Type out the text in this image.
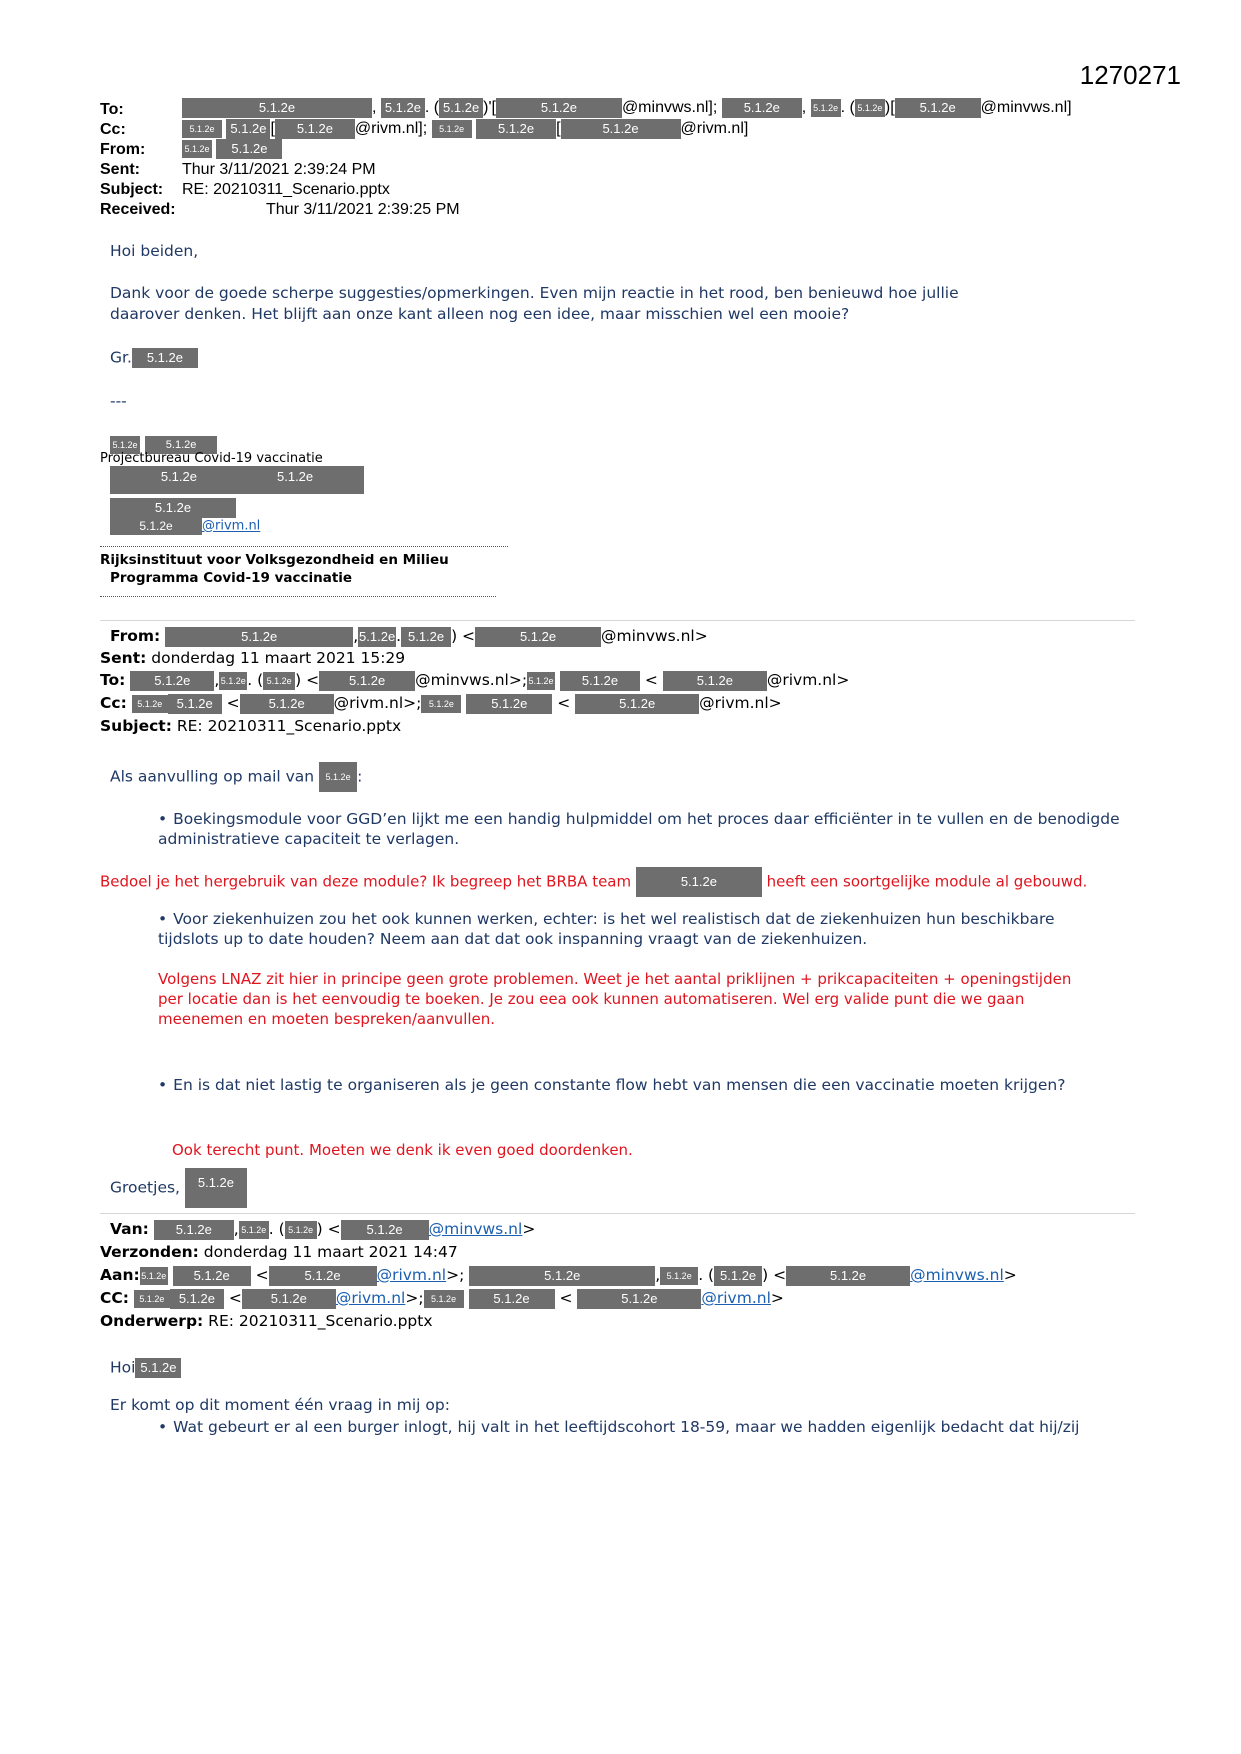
1270271
To:	5.1.2e	, 5.1.2e . ( 5.1.2e )'[	5.1.2e	@minvws.nl]; 5.1.2e , 5.1.2e . ( 5.1.2e )[ 5.1.2e @minvws.nl]
Cc:	5.1.2e 5.1.2e [ 5.1.2e @rivm.nl]; 5.1.2e	5.1.2e [	5.1.2e	@rivm.nl]
From:	5.1.2e 5.1.2e
Sent:	Thur 3/11/2021 2:39:24 PM
Subject: RE: 20210311_Scenario.pptx
Received:	Thur 3/11/2021 2:39:25 PM
Hoi beiden,
Dank voor de goede scherpe suggesties/opmerkingen. Even mijn reactie in het rood, ben benieuwd hoe jullie
daarover denken. Het blijft aan onze kant alleen nog een idee, maar misschien wel een mooie?
Gr. 5.1.2e
---
5.1.2e	5.1.2e
Projectbureau Covid-19 vaccinatie
5.1.2e	5.1.2e
5.1.2e
5.1.2e @rivm.nl
Rijksinstituut voor Volksgezondheid en Milieu
Programma Covid-19 vaccinatie
From:	5.1.2e	,5.1.2e. 5.1.2e ) <	5.1.2e	@minvws.nl>
Sent: donderdag 11 maart 2021 15:29
To: 5.1.2e ,5.1.2e. ( 5.1.2e ) < 5.1.2e @minvws.nl>;5.1.2e 5.1.2e <	5.1.2e @rivm.nl>
Cc: 5.1.2e 5.1.2e < 5.1.2e @rivm.nl>; 5.1.2e	5.1.2e <	5.1.2e	@rivm.nl>
Subject: RE: 20210311_Scenario.pptx
Als aanvulling op mail van 5.1.2e :
• Boekingsmodule voor GGD’en lijkt me een handig hulpmiddel om het proces daar efficiënter in te vullen en de benodigde
administratieve capaciteit te verlagen.
Bedoel je het hergebruik van deze module? Ik begreep het BRBA team	5.1.2e	heeft een soortgelijke module al gebouwd.
• Voor ziekenhuizen zou het ook kunnen werken, echter: is het wel realistisch dat de ziekenhuizen hun beschikbare
tijdslots up to date houden? Neem aan dat dat ook inspanning vraagt van de ziekenhuizen.
Volgens LNAZ zit hier in principe geen grote problemen. Weet je het aantal priklijnen + prikcapaciteiten + openingstijden
per locatie dan is het eenvoudig te boeken. Je zou eea ook kunnen automatiseren. Wel erg valide punt die we gaan
meenemen en moeten bespreken/aanvullen.
• En is dat niet lastig te organiseren als je geen constante flow hebt van mensen die een vaccinatie moeten krijgen?
Ook terecht punt. Moeten we denk ik even goed doordenken.
Groetjes, 5.1.2e
Van: 5.1.2e , 5.1.2e . ( 5.1.2e ) < 5.1.2e @minvws.nl>
Verzonden: donderdag 11 maart 2021 14:47
Aan:5.1.2e 5.1.2e <	5.1.2e @rivm.nl>;	5.1.2e	, 5.1.2e . ( 5.1.2e ) <	5.1.2e	@minvws.nl>
CC: 5.1.2e 5.1.2e < 5.1.2e @rivm.nl>; 5.1.2e	5.1.2e <	5.1.2e	@rivm.nl>
Onderwerp: RE: 20210311_Scenario.pptx
Hoi 5.1.2e
Er komt op dit moment één vraag in mij op:
• Wat gebeurt er al een burger inlogt, hij valt in het leeftijdscohort 18-59, maar we hadden eigenlijk bedacht dat hij/zij
